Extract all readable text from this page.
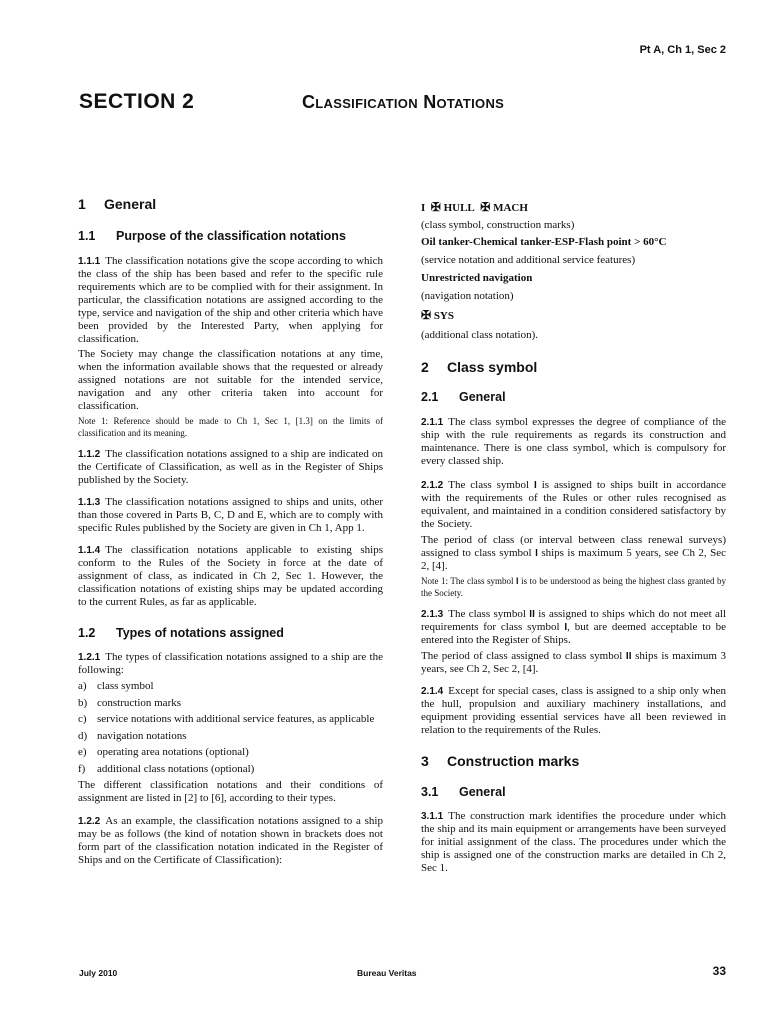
Pt A, Ch 1, Sec 2
SECTION 2	Classification Notations
1 General
1.1 Purpose of the classification notations

1.1.1 The classification notations give the scope according to which the class of the ship has been based and refer to the specific rule requirements which are to be complied with for their assignment. In particular, the classification notations are assigned according to the type, service and navigation of the ship and other criteria which have been provided by the Interested Party, when applying for classification.

The Society may change the classification notations at any time, when the information available shows that the requested or already assigned notations are not suitable for the intended service, navigation and any other criteria taken into account for classification.

Note 1: Reference should be made to Ch 1, Sec 1, [1.3] on the limits of classification and its meaning.

1.1.2 The classification notations assigned to a ship are indicated on the Certificate of Classification, as well as in the Register of Ships published by the Society.

1.1.3 The classification notations assigned to ships and units, other than those covered in Parts B, C, D and E, which are to comply with specific Rules published by the Society are given in Ch 1, App 1.

1.1.4 The classification notations applicable to existing ships conform to the Rules of the Society in force at the date of assignment of class, as indicated in Ch 2, Sec 1. However, the classification notations of existing ships may be updated according to the current Rules, as far as applicable.

1.2 Types of notations assigned

1.2.1 The types of classification notations assigned to a ship are the following:

a) class symbol
b) construction marks
c) service notations with additional service features, as applicable
d) navigation notations
e) operating area notations (optional)
f) additional class notations (optional)

The different classification notations and their conditions of assignment are listed in [2] to [6], according to their types.

1.2.2 As an example, the classification notations assigned to a ship may be as follows (the kind of notation shown in brackets does not form part of the classification notation indicated in the Register of Ships and on the Certificate of Classification):

I ✠ HULL ✠ MACH

(class symbol, construction marks)

Oil tanker-Chemical tanker-ESP-Flash point > 60°C

(service notation and additional service features)

Unrestricted navigation

(navigation notation)

✠ SYS

(additional class notation).

2 Class symbol
2.1 General

2.1.1 The class symbol expresses the degree of compliance of the ship with the rule requirements as regards its construction and maintenance. There is one class symbol, which is compulsory for every classed ship.

2.1.2 The class symbol I is assigned to ships built in accordance with the requirements of the Rules or other rules recognised as equivalent, and maintained in a condition considered satisfactory by the Society.

The period of class (or interval between class renewal surveys) assigned to class symbol I ships is maximum 5 years, see Ch 2, Sec 2, [4].

Note 1: The class symbol I is to be understood as being the highest class granted by the Society.

2.1.3 The class symbol II is assigned to ships which do not meet all requirements for class symbol I, but are deemed acceptable to be entered into the Register of Ships.

The period of class assigned to class symbol II ships is maximum 3 years, see Ch 2, Sec 2, [4].

2.1.4 Except for special cases, class is assigned to a ship only when the hull, propulsion and auxiliary machinery installations, and equipment providing essential services have all been reviewed in relation to the requirements of the Rules.

3 Construction marks
3.1 General

3.1.1 The construction mark identifies the procedure under which the ship and its main equipment or arrangements have been surveyed for initial assignment of the class. The procedures under which the ship is assigned one of the construction marks are detailed in Ch 2, Sec 1.

July 2010	Bureau Veritas	33
